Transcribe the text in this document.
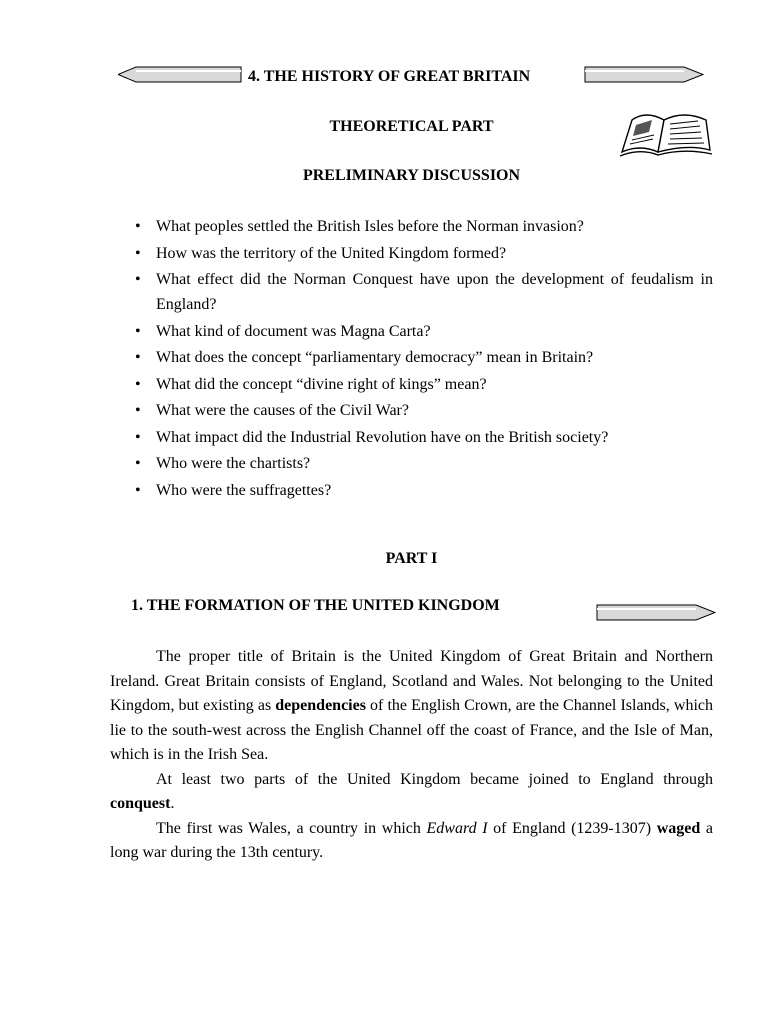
4. THE HISTORY OF GREAT BRITAIN
THEORETICAL PART
PRELIMINARY DISCUSSION
• What peoples settled the British Isles before the Norman invasion?
• How was the territory of the United Kingdom formed?
• What effect did the Norman Conquest have upon the development of feudalism in England?
• What kind of document was Magna Carta?
• What does the concept “parliamentary democracy” mean in Britain?
• What did the concept “divine right of kings” mean?
• What were the causes of the Civil War?
• What impact did the Industrial Revolution have on the British society?
• Who were the chartists?
• Who were the suffragettes?
PART I
1. THE FORMATION OF THE UNITED KINGDOM

The proper title of Britain is the United Kingdom of Great Britain and Northern Ireland. Great Britain consists of England, Scotland and Wales. Not belonging to the United Kingdom, but existing as dependencies of the English Crown, are the Channel Islands, which lie to the south-west across the English Channel off the coast of France, and the Isle of Man, which is in the Irish Sea.

At least two parts of the United Kingdom became joined to England through conquest.

The first was Wales, a country in which Edward I of England (1239-1307) waged a long war during the 13th century.
